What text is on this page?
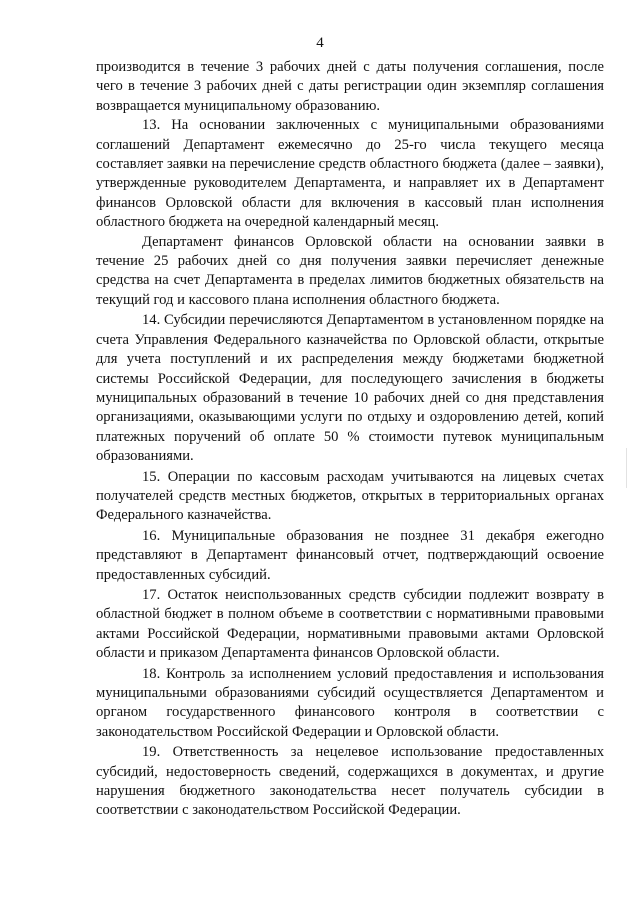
4

производится в течение 3 рабочих дней с даты получения соглашения, после чего в течение 3 рабочих дней с даты регистрации один экземпляр соглашения возвращается муниципальному образованию.

13. На основании заключенных с муниципальными образованиями соглашений Департамент ежемесячно до 25-го числа текущего месяца составляет заявки на перечисление средств областного бюджета (далее – заявки), утвержденные руководителем Департамента, и направляет их в Департамент финансов Орловской области для включения в кассовый план исполнения областного бюджета на очередной календарный месяц.

Департамент финансов Орловской области на основании заявки в течение 25 рабочих дней со дня получения заявки перечисляет денежные средства на счет Департамента в пределах лимитов бюджетных обязательств на текущий год и кассового плана исполнения областного бюджета.

14. Субсидии перечисляются Департаментом в установленном порядке на счета Управления Федерального казначейства по Орловской области, открытые для учета поступлений и их распределения между бюджетами бюджетной системы Российской Федерации, для последующего зачисления в бюджеты муниципальных образований в течение 10 рабочих дней со дня представления организациями, оказывающими услуги по отдыху и оздоровлению детей, копий платежных поручений об оплате 50 % стоимости путевок муниципальным образованиями.

15. Операции по кассовым расходам учитываются на лицевых счетах получателей средств местных бюджетов, открытых в территориальных органах Федерального казначейства.

16. Муниципальные образования не позднее 31 декабря ежегодно представляют в Департамент финансовый отчет, подтверждающий освоение предоставленных субсидий.

17. Остаток неиспользованных средств субсидии подлежит возврату в областной бюджет в полном объеме в соответствии с нормативными правовыми актами Российской Федерации, нормативными правовыми актами Орловской области и приказом Департамента финансов Орловской области.

18. Контроль за исполнением условий предоставления и использования муниципальными образованиями субсидий осуществляется Департаментом и органом государственного финансового контроля в соответствии с законодательством Российской Федерации и Орловской области.

19. Ответственность за нецелевое использование предоставленных субсидий, недостоверность сведений, содержащихся в документах, и другие нарушения бюджетного законодательства несет получатель субсидии в соответствии с законодательством Российской Федерации.
